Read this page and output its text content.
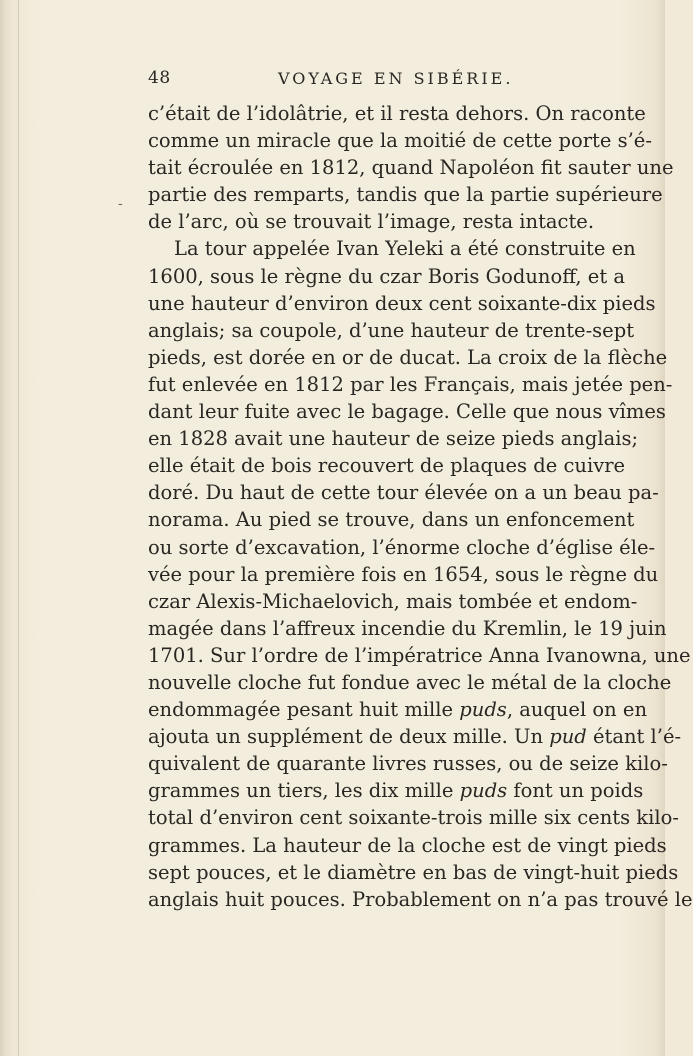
48	VOYAGE EN SIBÉRIE.
-
c’était de l’idolâtrie, et il resta dehors. On raconte
comme un miracle que la moitié de cette porte s’é-
tait écroulée en 1812, quand Napoléon fit sauter une
partie des remparts, tandis que la partie supérieure
de l’arc, où se trouvait l’image, resta intacte.
La tour appelée Ivan Yeleki a été construite en
1600, sous le règne du czar Boris Godunoff, et a
une hauteur d’environ deux cent soixante-dix pieds
anglais; sa coupole, d’une hauteur de trente-sept
pieds, est dorée en or de ducat. La croix de la flèche
fut enlevée en 1812 par les Français, mais jetée pen-
dant leur fuite avec le bagage. Celle que nous vîmes
en 1828 avait une hauteur de seize pieds anglais;
elle était de bois recouvert de plaques de cuivre
doré. Du haut de cette tour élevée on a un beau pa-
norama. Au pied se trouve, dans un enfoncement
ou sorte d’excavation, l’énorme cloche d’église éle-
vée pour la première fois en 1654, sous le règne du
czar Alexis-Michaelovich, mais tombée et endom-
magée dans l’affreux incendie du Kremlin, le 19 juin
1701. Sur l’ordre de l’impératrice Anna Ivanowna, une
nouvelle cloche fut fondue avec le métal de la cloche
endommagée pesant huit mille puds, auquel on en
ajouta un supplément de deux mille. Un pud étant l’é-
quivalent de quarante livres russes, ou de seize kilo-
grammes un tiers, les dix mille puds font un poids
total d’environ cent soixante-trois mille six cents kilo-
grammes. La hauteur de la cloche est de vingt pieds
sept pouces, et le diamètre en bas de vingt-huit pieds
anglais huit pouces. Probablement on n’a pas trouvé le
